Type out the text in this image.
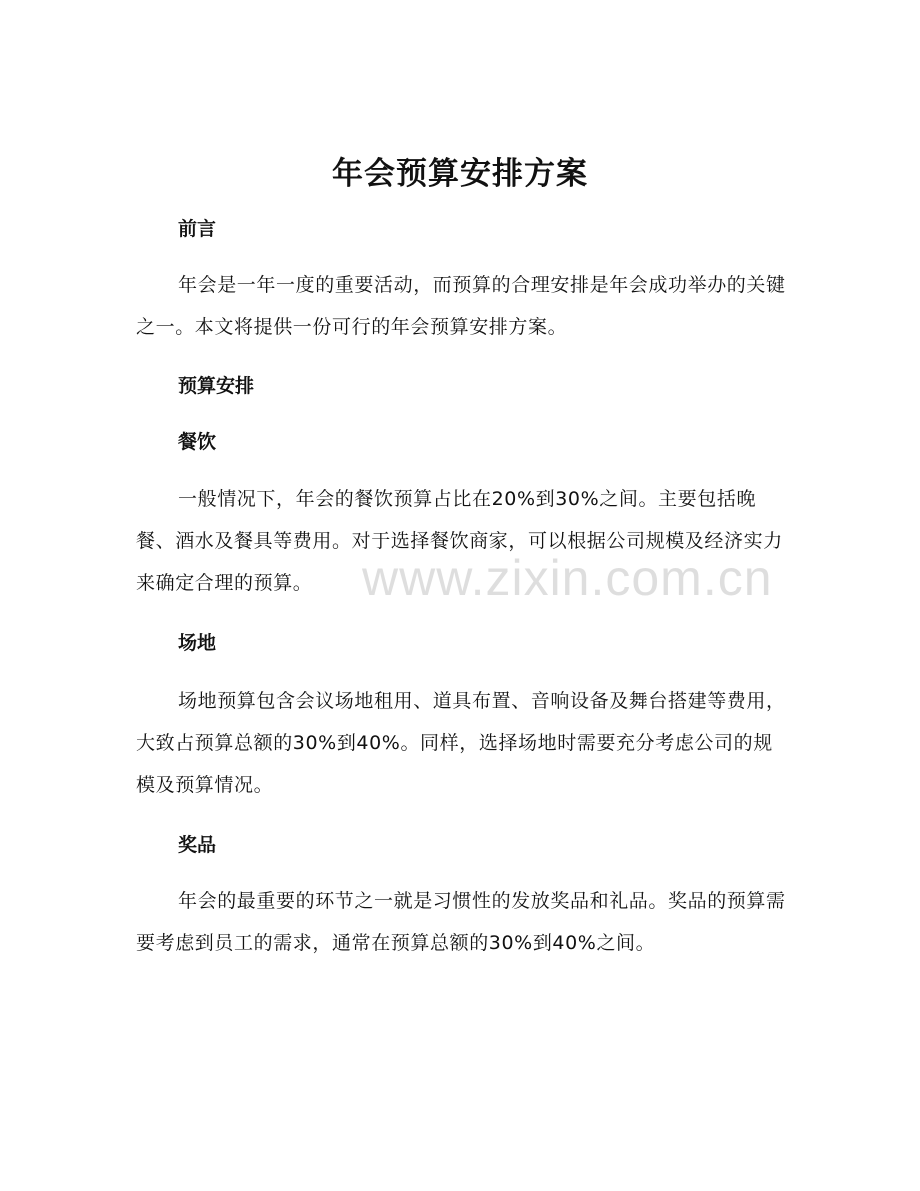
年会预算安排方案
前言
年会是一年一度的重要活动，而预算的合理安排是年会成功举办的关键之一。本文将提供一份可行的年会预算安排方案。
预算安排
餐饮
一般情况下，年会的餐饮预算占比在20%到30%之间。主要包括晚餐、酒水及餐具等费用。对于选择餐饮商家，可以根据公司规模及经济实力来确定合理的预算。
场地
场地预算包含会议场地租用、道具布置、音响设备及舞台搭建等费用，大致占预算总额的30%到40%。同样，选择场地时需要充分考虑公司的规模及预算情况。
奖品
年会的最重要的环节之一就是习惯性的发放奖品和礼品。奖品的预算需要考虑到员工的需求，通常在预算总额的30%到40%之间。
www.zixin.com.cn
